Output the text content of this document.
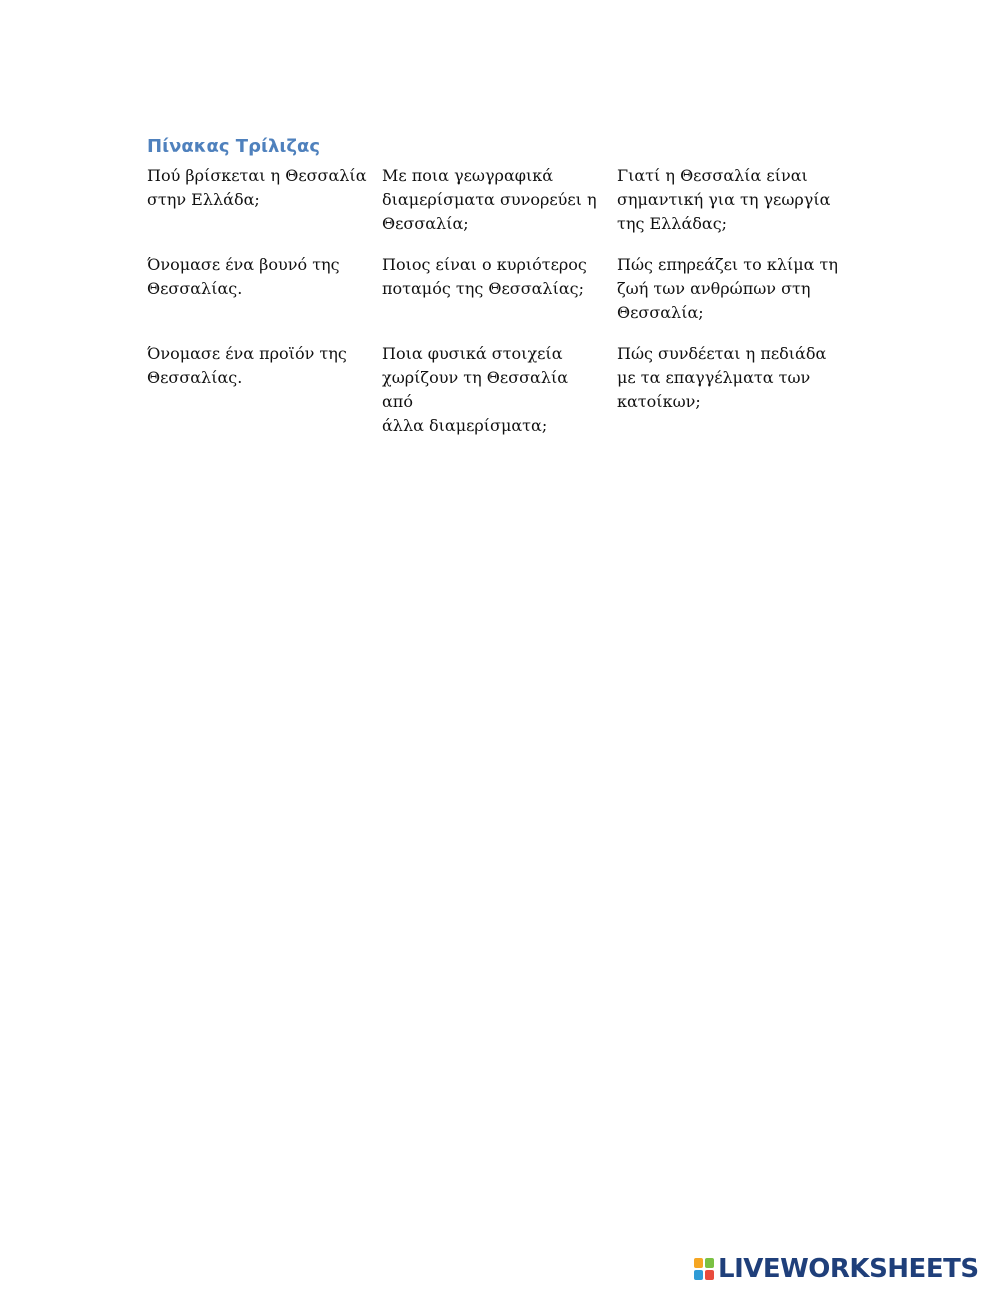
Πίνακας Τρίλιζας
Πού βρίσκεται η Θεσσαλία
στην Ελλάδα;
Με ποια γεωγραφικά
διαμερίσματα συνορεύει η
Θεσσαλία;
Γιατί η Θεσσαλία είναι
σημαντική για τη γεωργία
της Ελλάδας;
Όνομασε ένα βουνό της
Θεσσαλίας.
Ποιος είναι ο κυριότερος
ποταμός της Θεσσαλίας;
Πώς επηρεάζει το κλίμα τη
ζωή των ανθρώπων στη
Θεσσαλία;
Όνομασε ένα προϊόν της
Θεσσαλίας.
Ποια φυσικά στοιχεία
χωρίζουν τη Θεσσαλία από
άλλα διαμερίσματα;
Πώς συνδέεται η πεδιάδα
με τα επαγγέλματα των
κατοίκων;
LIVEWORKSHEETS
